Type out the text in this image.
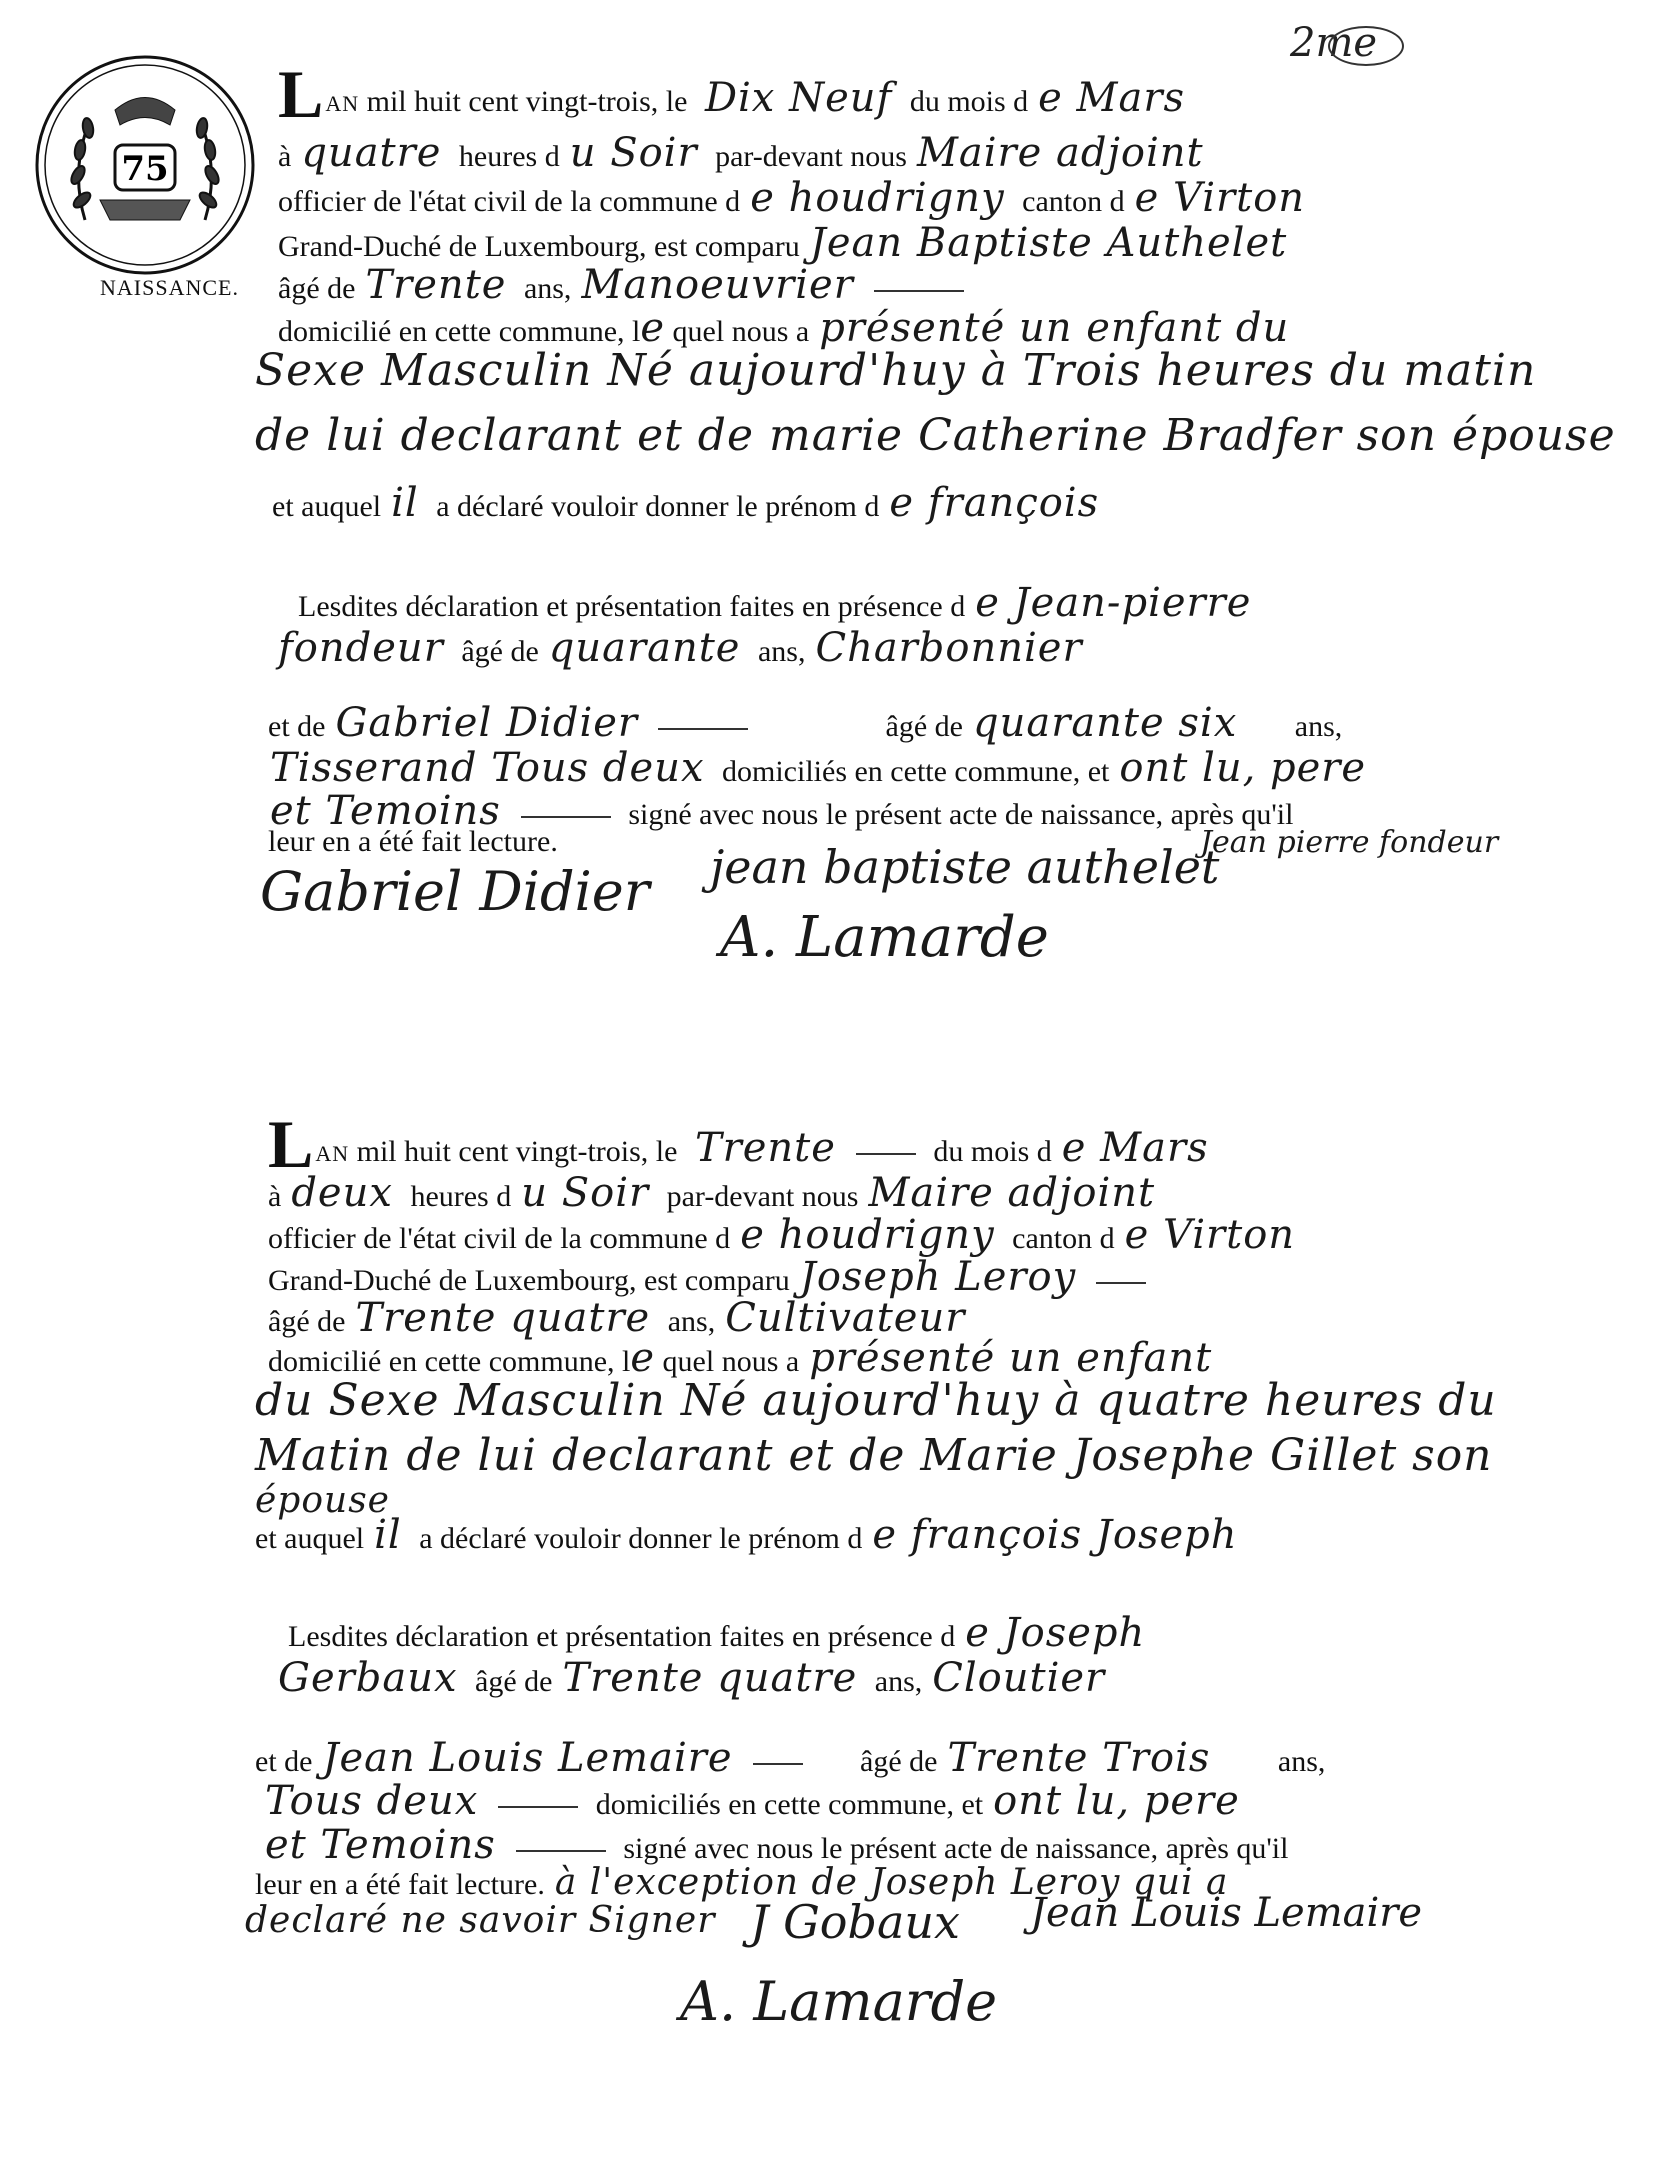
2me
75
NAISSANCE.
LAN mil huit cent vingt-trois, le Dix Neuf du mois d e Mars
à quatre heures d u Soir par-devant nous Maire adjoint
officier de l'état civil de la commune d e houdrigny canton d e Virton
Grand-Duché de Luxembourg, est comparu Jean Baptiste Authelet
âgé de Trente ans, Manoeuvrier
domicilié en cette commune, le quel nous a présenté un enfant du
Sexe Masculin Né aujourd'huy à Trois heures du matin
de lui declarant et de marie Catherine Bradfer son épouse
et auquel il a déclaré vouloir donner le prénom d e françois
Lesdites déclaration et présentation faites en présence d e Jean-pierre
fondeur âgé de quarante ans, Charbonnier
et de Gabriel Didier	âgé de quarante six ans,
Tisserand Tous deux domiciliés en cette commune, et ont lu, pere
et Temoins	signé avec nous le présent acte de naissance, après qu'il
leur en a été fait lecture.
Gabriel Didier jean baptiste authelet
Jean pierre fondeur
A. Lamarde
LAN mil huit cent vingt-trois, le Trente	du mois d e Mars
à deux heures d u Soir par-devant nous Maire adjoint
officier de l'état civil de la commune d e houdrigny canton d e Virton
Grand-Duché de Luxembourg, est comparu Joseph Leroy
âgé de Trente quatre ans, Cultivateur
domicilié en cette commune, le quel nous a présenté un enfant
du Sexe Masculin Né aujourd'huy à quatre heures du
Matin de lui declarant et de Marie Josephe Gillet son
épouse
et auquel il a déclaré vouloir donner le prénom d e françois Joseph
Lesdites déclaration et présentation faites en présence d e Joseph
Gerbaux âgé de Trente quatre ans, Cloutier
et de Jean Louis Lemaire	âgé de Trente Trois ans,
Tous deux	domiciliés en cette commune, et ont lu, pere
et Temoins	signé avec nous le présent acte de naissance, après qu'il
leur en a été fait lecture. à l'exception de Joseph Leroy qui a
declaré ne savoir Signer J Gobaux Jean Louis Lemaire
A. Lamarde
